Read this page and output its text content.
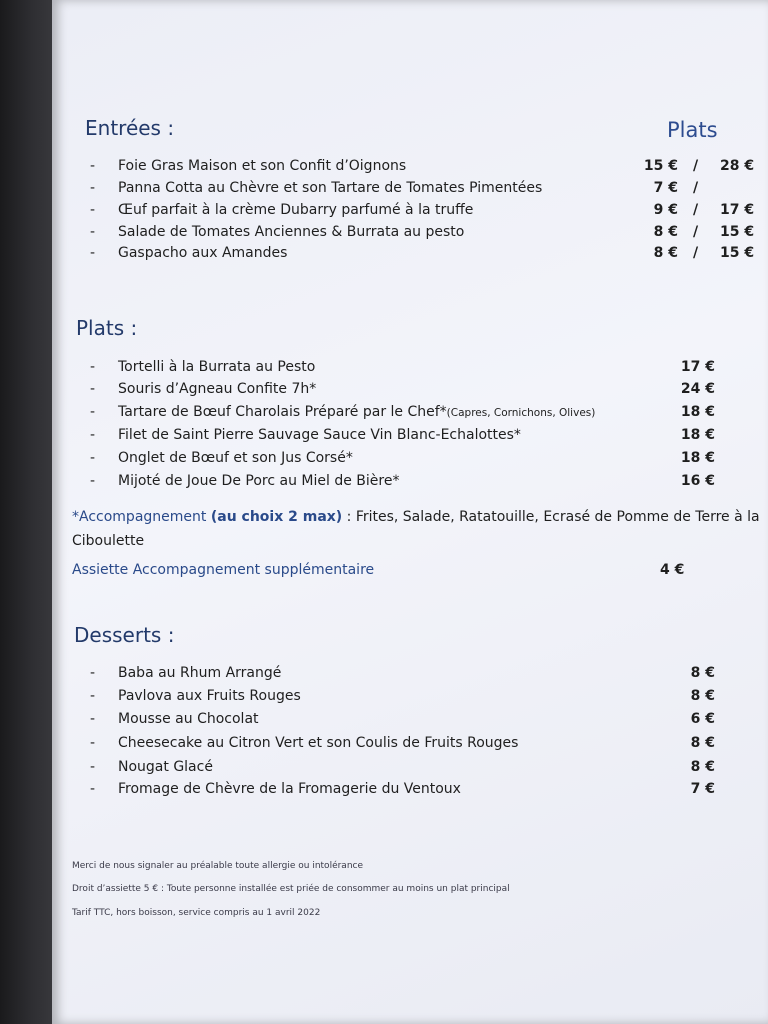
Entrées :	Plats
- Foie Gras Maison et son Confit d’Oignons	15 € / 28 €
- Panna Cotta au Chèvre et son Tartare de Tomates Pimentées	7 € /
- Œuf parfait à la crème Dubarry parfumé à la truffe	9 € / 17 €
- Salade de Tomates Anciennes & Burrata au pesto	8 € / 15 €
- Gaspacho aux Amandes	8 € / 15 €
Plats :
- Tortelli à la Burrata au Pesto	17 €
- Souris d’Agneau Confite 7h*	24 €
- Tartare de Bœuf Charolais Préparé par le Chef*(Capres, Cornichons, Olives)	18 €
- Filet de Saint Pierre Sauvage Sauce Vin Blanc-Echalottes*	18 €
- Onglet de Bœuf et son Jus Corsé*	18 €
- Mijoté de Joue De Porc au Miel de Bière*	16 €
*Accompagnement (au choix 2 max) : Frites, Salade, Ratatouille, Ecrasé de Pomme de Terre à la Ciboulette
Assiette Accompagnement supplémentaire	4 €
Desserts :
- Baba au Rhum Arrangé	8 €
- Pavlova aux Fruits Rouges	8 €
- Mousse au Chocolat	6 €
- Cheesecake au Citron Vert et son Coulis de Fruits Rouges	8 €
- Nougat Glacé	8 €
- Fromage de Chèvre de la Fromagerie du Ventoux	7 €
Merci de nous signaler au préalable toute allergie ou intolérance
Droit d’assiette 5 € : Toute personne installée est priée de consommer au moins un plat principal
Tarif TTC, hors boisson, service compris au 1 avril 2022
